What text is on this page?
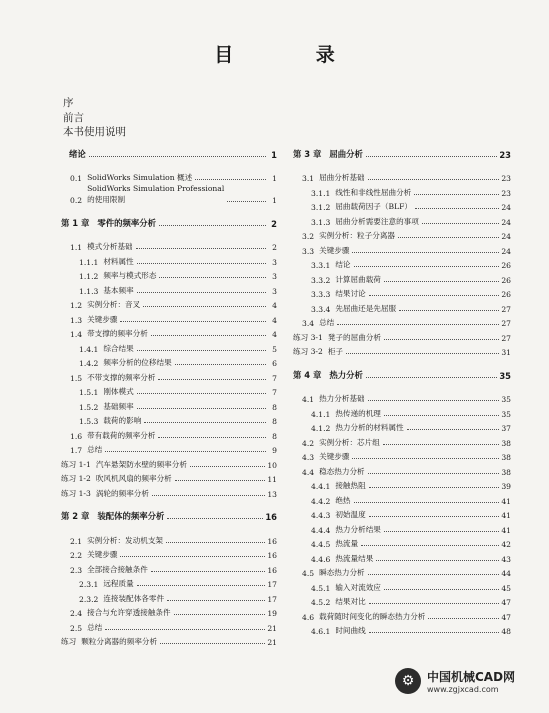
目 录
序
前言
本书使用说明
绪论	1
0.1 SolidWorks Simulation 概述	1
0.2
SolidWorks Simulation Professional
的使用限制	1
第 1 章 零件的频率分析	2
1.1 模式分析基础	2
1.1.1 材料属性	3
1.1.2 频率与模式形态	3
1.1.3 基本频率	3
1.2 实例分析：音叉	4
1.3 关键步骤	4
1.4 带支撑的频率分析	4
1.4.1 综合结果	5
1.4.2 频率分析的位移结果	6
1.5 不带支撑的频率分析	7
1.5.1 刚体模式	7
1.5.2 基础频率	8
1.5.3 载荷的影响	8
1.6 带有载荷的频率分析	8
1.7 总结	9
练习 1-1 汽车悬架防水壁的频率分析	10
练习 1-2 吹风机风扇的频率分析	11
练习 1-3 涡轮的频率分析	13
第 2 章 装配体的频率分析	16
2.1 实例分析：发动机支架	16
2.2 关键步骤	16
2.3 全部接合接触条件	16
2.3.1 远程质量	17
2.3.2 连接装配体各零件	17
2.4 接合与允许穿透接触条件	19
2.5 总结	21
练习 颗粒分离器的频率分析	21
第 3 章 屈曲分析	23
3.1 屈曲分析基础	23
3.1.1 线性和非线性屈曲分析	23
3.1.2 屈曲载荷因子（BLF）	24
3.1.3 屈曲分析需要注意的事项	24
3.2 实例分析：粒子分离器	24
3.3 关键步骤	24
3.3.1 结论	26
3.3.2 计算屈曲载荷	26
3.3.3 结果讨论	26
3.3.4 先屈曲还是先屈服	27
3.4 总结	27
练习 3-1 凳子的屈曲分析	27
练习 3-2 柜子	31
第 4 章 热力分析	35
4.1 热力分析基础	35
4.1.1 热传递的机理	35
4.1.2 热力分析的材料属性	37
4.2 实例分析：芯片组	38
4.3 关键步骤	38
4.4 稳态热力分析	38
4.4.1 接触热阻	39
4.4.2 绝热	41
4.4.3 初始温度	41
4.4.4 热力分析结果	41
4.4.5 热流量	42
4.4.6 热流量结果	43
4.5 瞬态热力分析	44
4.5.1 输入对流效应	45
4.5.2 结果对比	47
4.6 载荷随时间变化的瞬态热力分析	47
4.6.1 时间曲线	48
⚙	中国机械CAD网
www.zgjxcad.com
